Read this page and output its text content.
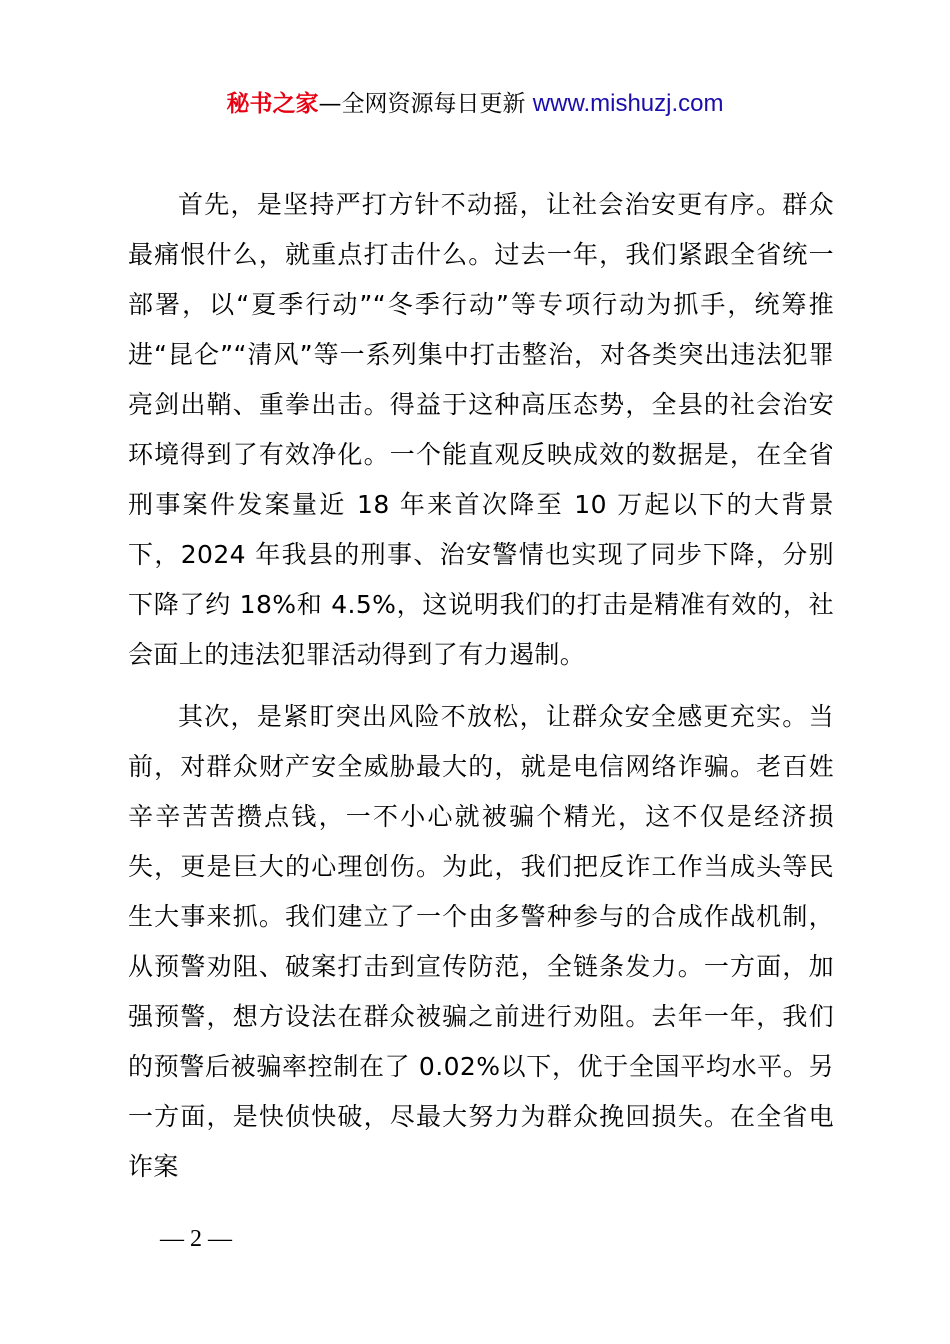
秘书之家—全网资源每日更新 www.mishuzj.com

首先，是坚持严打方针不动摇，让社会治安更有序。群众最痛恨什么，就重点打击什么。过去一年，我们紧跟全省统一部署，以“夏季行动”“冬季行动”等专项行动为抓手，统筹推进“昆仑”“清风”等一系列集中打击整治，对各类突出违法犯罪亮剑出鞘、重拳出击。得益于这种高压态势，全县的社会治安环境得到了有效净化。一个能直观反映成效的数据是，在全省刑事案件发案量近 18 年来首次降至 10 万起以下的大背景下，2024 年我县的刑事、治安警情也实现了同步下降，分别下降了约 18%和 4.5%，这说明我们的打击是精准有效的，社会面上的违法犯罪活动得到了有力遏制。

其次，是紧盯突出风险不放松，让群众安全感更充实。当前，对群众财产安全威胁最大的，就是电信网络诈骗。老百姓辛辛苦苦攒点钱，一不小心就被骗个精光，这不仅是经济损失，更是巨大的心理创伤。为此，我们把反诈工作当成头等民生大事来抓。我们建立了一个由多警种参与的合成作战机制，从预警劝阻、破案打击到宣传防范，全链条发力。一方面，加强预警，想方设法在群众被骗之前进行劝阻。去年一年，我们的预警后被骗率控制在了 0.02%以下，优于全国平均水平。另一方面，是快侦快破，尽最大努力为群众挽回损失。在全省电诈案

— 2 —
